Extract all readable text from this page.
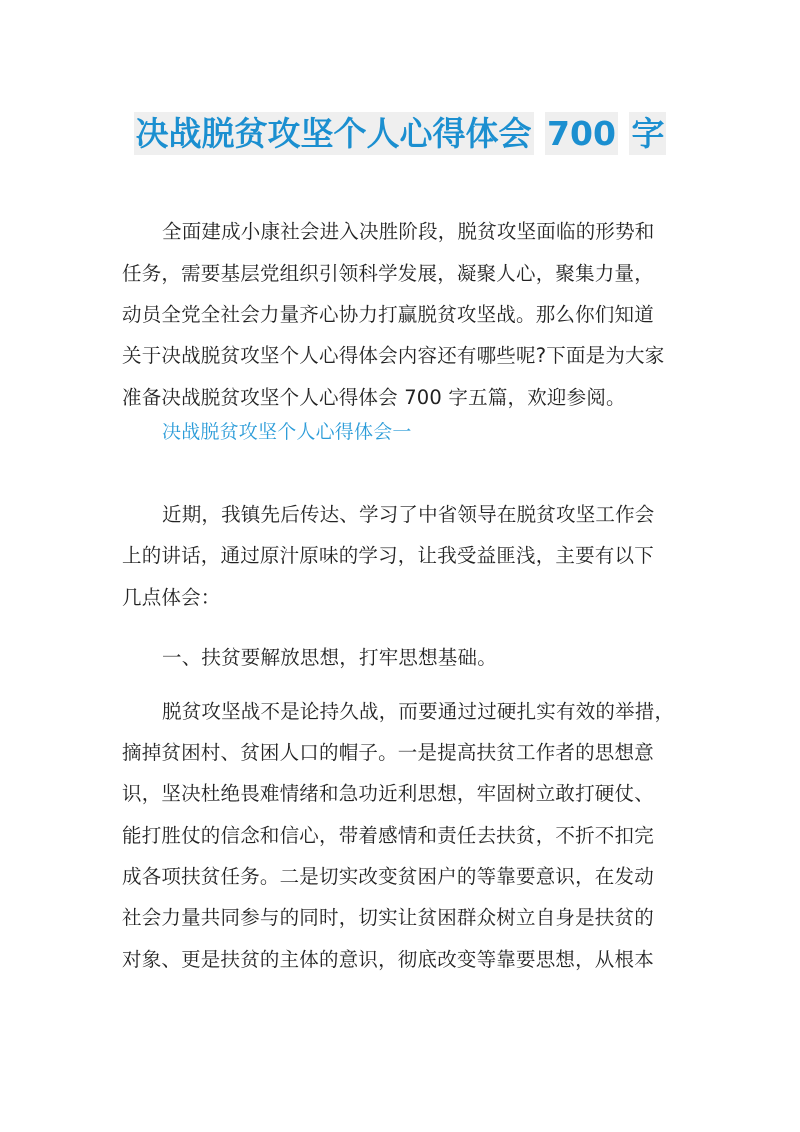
决战脱贫攻坚个人心得体会 700 字
全面建成小康社会进入决胜阶段，脱贫攻坚面临的形势和
任务，需要基层党组织引领科学发展，凝聚人心，聚集力量，
动员全党全社会力量齐心协力打赢脱贫攻坚战。那么你们知道
关于决战脱贫攻坚个人心得体会内容还有哪些呢?下面是为大家
准备决战脱贫攻坚个人心得体会 700 字五篇，欢迎参阅。
决战脱贫攻坚个人心得体会一
近期，我镇先后传达、学习了中省领导在脱贫攻坚工作会
上的讲话，通过原汁原味的学习，让我受益匪浅，主要有以下
几点体会：
一、扶贫要解放思想，打牢思想基础。
脱贫攻坚战不是论持久战，而要通过过硬扎实有效的举措，
摘掉贫困村、贫困人口的帽子。一是提高扶贫工作者的思想意
识，坚决杜绝畏难情绪和急功近利思想，牢固树立敢打硬仗、
能打胜仗的信念和信心，带着感情和责任去扶贫，不折不扣完
成各项扶贫任务。二是切实改变贫困户的等靠要意识，在发动
社会力量共同参与的同时，切实让贫困群众树立自身是扶贫的
对象、更是扶贫的主体的意识，彻底改变等靠要思想，从根本
